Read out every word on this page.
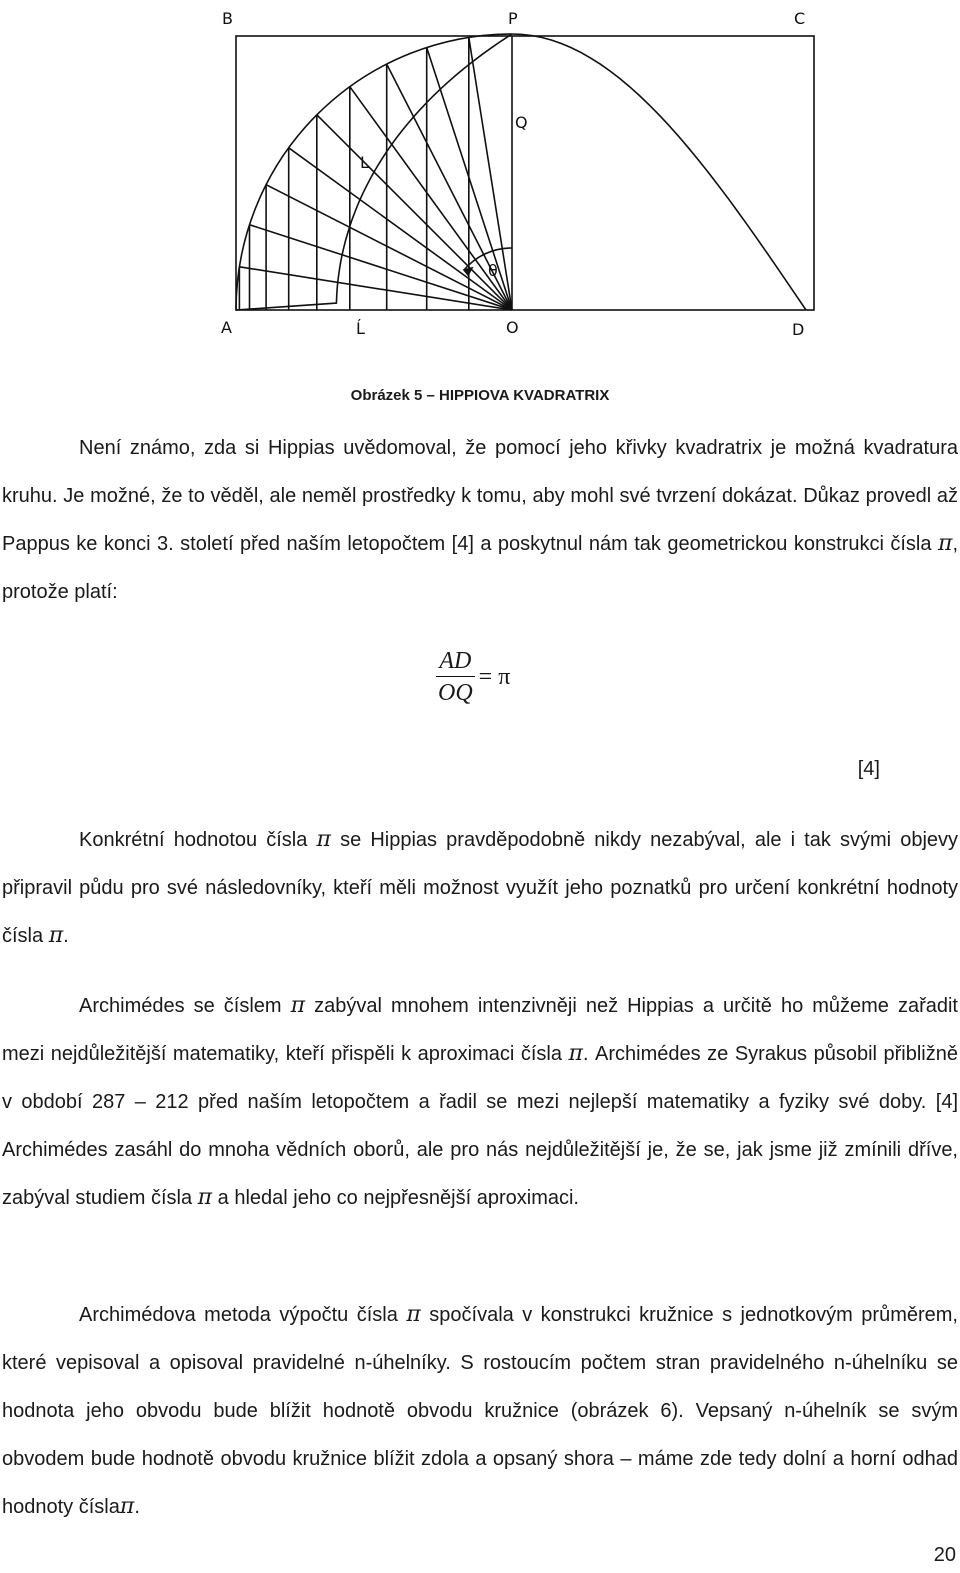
B	P	C
Q
L
θ
A	Ĺ	O	D
Obrázek 5 – HIPPIOVA KVADRATRIX

Není známo, zda si Hippias uvědomoval, že pomocí jeho křivky kvadratrix je možná kvadratura kruhu. Je možné, že to věděl, ale neměl prostředky k tomu, aby mohl své tvrzení dokázat. Důkaz provedl až Pappus ke konci 3. století před naším letopočtem [4] a poskytnul nám tak geometrickou konstrukci čísla π, protože platí:

$\frac{AD}{OQ} = \pi$
[4]

Konkrétní hodnotou čísla π se Hippias pravděpodobně nikdy nezabýval, ale i tak svými objevy připravil půdu pro své následovníky, kteří měli možnost využít jeho poznatků pro určení konkrétní hodnoty čísla π.

Archimédes se číslem π zabýval mnohem intenzivněji než Hippias a určitě ho můžeme zařadit mezi nejdůležitější matematiky, kteří přispěli k aproximaci čísla π. Archimédes ze Syrakus působil přibližně v období 287 – 212 před naším letopočtem a řadil se mezi nejlepší matematiky a fyziky své doby. [4] Archimédes zasáhl do mnoha vědních oborů, ale pro nás nejdůležitější je, že se, jak jsme již zmínili dříve, zabýval studiem čísla π a hledal jeho co nejpřesnější aproximaci.

Archimédova metoda výpočtu čísla π spočívala v konstrukci kružnice s jednotkovým průměrem, které vepisoval a opisoval pravidelné n-úhelníky. S rostoucím počtem stran pravidelného n-úhelníku se hodnota jeho obvodu bude blížit hodnotě obvodu kružnice (obrázek 6). Vepsaný n-úhelník se svým obvodem bude hodnotě obvodu kružnice blížit zdola a opsaný shora – máme zde tedy dolní a horní odhad hodnoty číslaπ.

20
